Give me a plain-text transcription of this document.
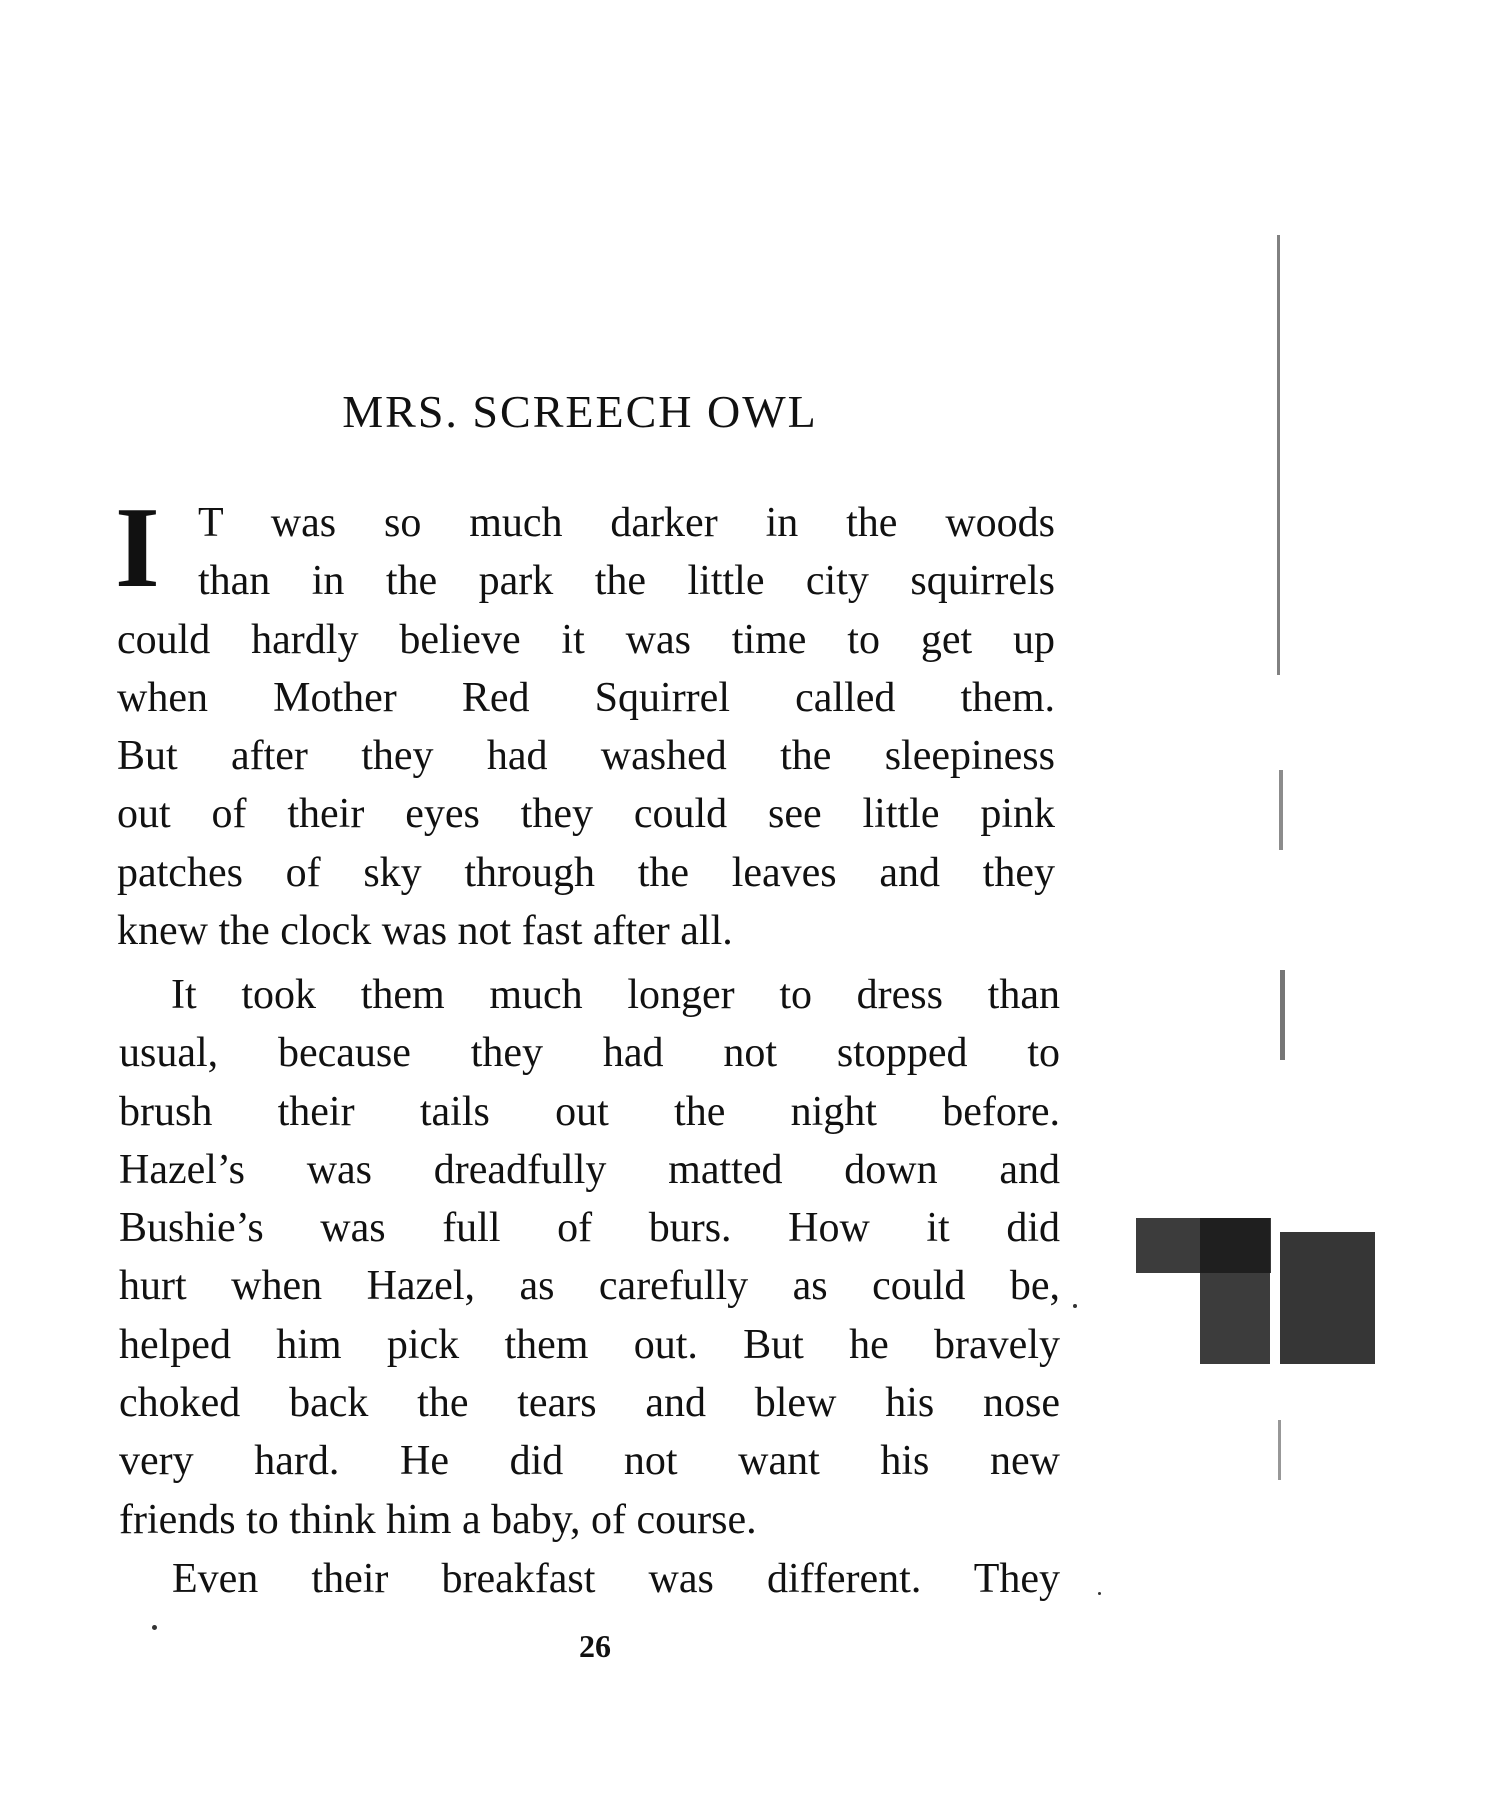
MRS. SCREECH OWL
I T was so much darker in the woods
than in the park the little city squirrels
could hardly believe it was time to get up
when Mother Red Squirrel called them.
But after they had washed the sleepiness
out of their eyes they could see little pink
patches of sky through the leaves and they
knew the clock was not fast after all.
It took them much longer to dress than
usual, because they had not stopped to
brush their tails out the night before.
Hazel’s was dreadfully matted down and
Bushie’s was full of burs. How it did
hurt when Hazel, as carefully as could be,
helped him pick them out. But he bravely
choked back the tears and blew his nose
very hard. He did not want his new
friends to think him a baby, of course.
Even their breakfast was different. They
26
